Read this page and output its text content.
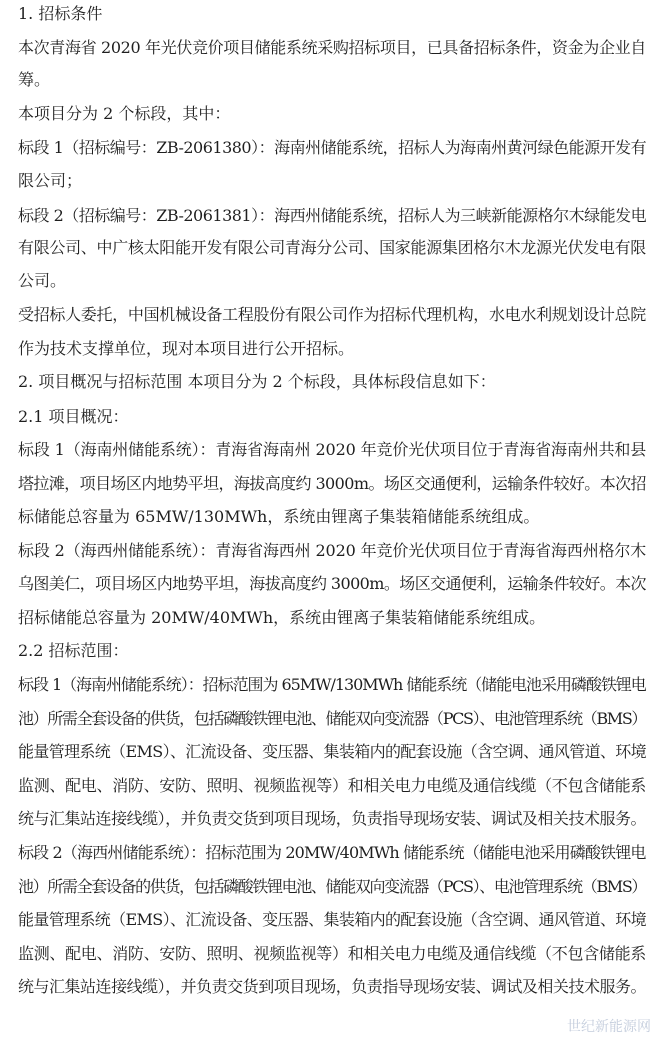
1. 招标条件
本次青海省 2020 年光伏竞价项目储能系统采购招标项目，已具备招标条件，资金为企业自
筹。
本项目分为 2 个标段，其中：
标段 1（招标编号：ZB-2061380）：海南州储能系统，招标人为海南州黄河绿色能源开发有
限公司；
标段 2（招标编号：ZB-2061381）：海西州储能系统，招标人为三峡新能源格尔木绿能发电
有限公司、中广核太阳能开发有限公司青海分公司、国家能源集团格尔木龙源光伏发电有限
公司。
受招标人委托，中国机械设备工程股份有限公司作为招标代理机构，水电水利规划设计总院
作为技术支撑单位，现对本项目进行公开招标。
2. 项目概况与招标范围 本项目分为 2 个标段，具体标段信息如下：
2.1 项目概况：
标段 1（海南州储能系统）：青海省海南州 2020 年竞价光伏项目位于青海省海南州共和县
塔拉滩，项目场区内地势平坦，海拔高度约 3000m。场区交通便利，运输条件较好。本次招
标储能总容量为 65MW/130MWh，系统由锂离子集装箱储能系统组成。
标段 2（海西州储能系统）：青海省海西州 2020 年竞价光伏项目位于青海省海西州格尔木
乌图美仁，项目场区内地势平坦，海拔高度约 3000m。场区交通便利，运输条件较好。本次
招标储能总容量为 20MW/40MWh，系统由锂离子集装箱储能系统组成。
2.2 招标范围：
标段 1（海南州储能系统）：招标范围为 65MW/130MWh 储能系统（储能电池采用磷酸铁锂电
池）所需全套设备的供货，包括磷酸铁锂电池、储能双向变流器（PCS）、电池管理系统（BMS）
能量管理系统（EMS）、汇流设备、变压器、集装箱内的配套设施（含空调、通风管道、环境
监测、配电、消防、安防、照明、视频监视等）和相关电力电缆及通信线缆（不包含储能系
统与汇集站连接线缆），并负责交货到项目现场，负责指导现场安装、调试及相关技术服务。
标段 2（海西州储能系统）：招标范围为 20MW/40MWh 储能系统（储能电池采用磷酸铁锂电
池）所需全套设备的供货，包括磷酸铁锂电池、储能双向变流器（PCS）、电池管理系统（BMS）
能量管理系统（EMS）、汇流设备、变压器、集装箱内的配套设施（含空调、通风管道、环境
监测、配电、消防、安防、照明、视频监视等）和相关电力电缆及通信线缆（不包含储能系
统与汇集站连接线缆），并负责交货到项目现场，负责指导现场安装、调试及相关技术服务。
世纪新能源网
